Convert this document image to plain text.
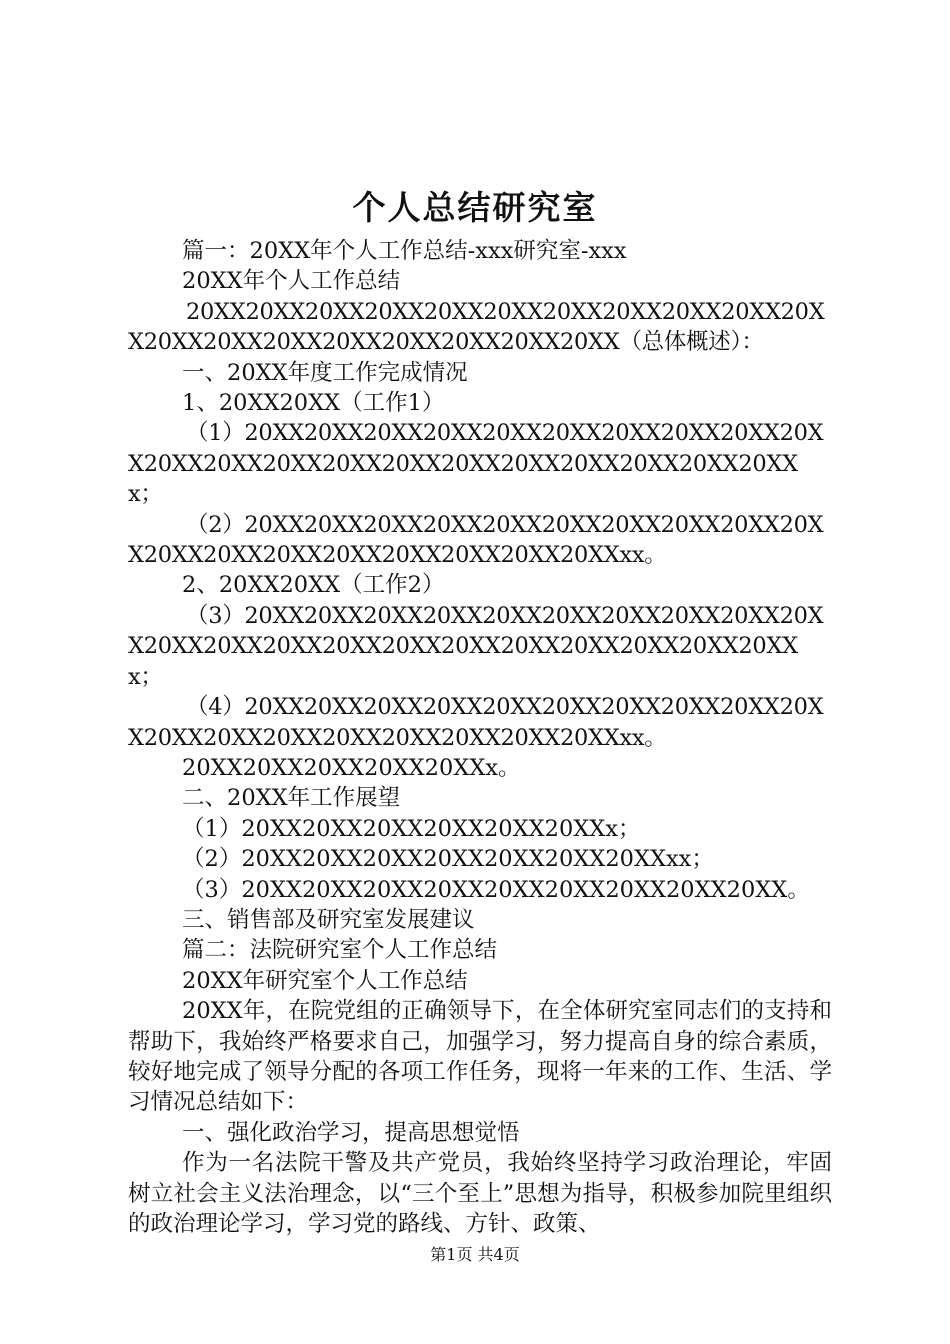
个人总结研究室

篇一：20XX年个人工作总结-xxx研究室-xxx

20XX年个人工作总结

20XX20XX20XX20XX20XX20XX20XX20XX20XX20XX20XX20XX20XX20XX20XX20XX20XX20XX20XX（总体概述）：

一、20XX年度工作完成情况

1、20XX20XX（工作1）

（1）20XX20XX20XX20XX20XX20XX20XX20XX20XX20XX20XX20XX20XX20XX20XX20XX20XX20XX20XX20XX20XXx；

（2）20XX20XX20XX20XX20XX20XX20XX20XX20XX20XX20XX20XX20XX20XX20XX20XX20XX20XXxx。

2、20XX20XX（工作2）

（3）20XX20XX20XX20XX20XX20XX20XX20XX20XX20XX20XX20XX20XX20XX20XX20XX20XX20XX20XX20XX20XXx；

（4）20XX20XX20XX20XX20XX20XX20XX20XX20XX20XX20XX20XX20XX20XX20XX20XX20XX20XXxx。

20XX20XX20XX20XX20XXx。

二、20XX年工作展望

（1）20XX20XX20XX20XX20XX20XXx；

（2）20XX20XX20XX20XX20XX20XX20XXxx；

（3）20XX20XX20XX20XX20XX20XX20XX20XX20XX。

三、销售部及研究室发展建议

篇二：法院研究室个人工作总结

20XX年研究室个人工作总结

20XX年，在院党组的正确领导下，在全体研究室同志们的支持和帮助下，我始终严格要求自己，加强学习，努力提高自身的综合素质，较好地完成了领导分配的各项工作任务，现将一年来的工作、生活、学习情况总结如下：

一、强化政治学习，提高思想觉悟

作为一名法院干警及共产党员，我始终坚持学习政治理论，牢固树立社会主义法治理念，以“三个至上”思想为指导，积极参加院里组织的政治理论学习，学习党的路线、方针、政策、

第1页 共4页
